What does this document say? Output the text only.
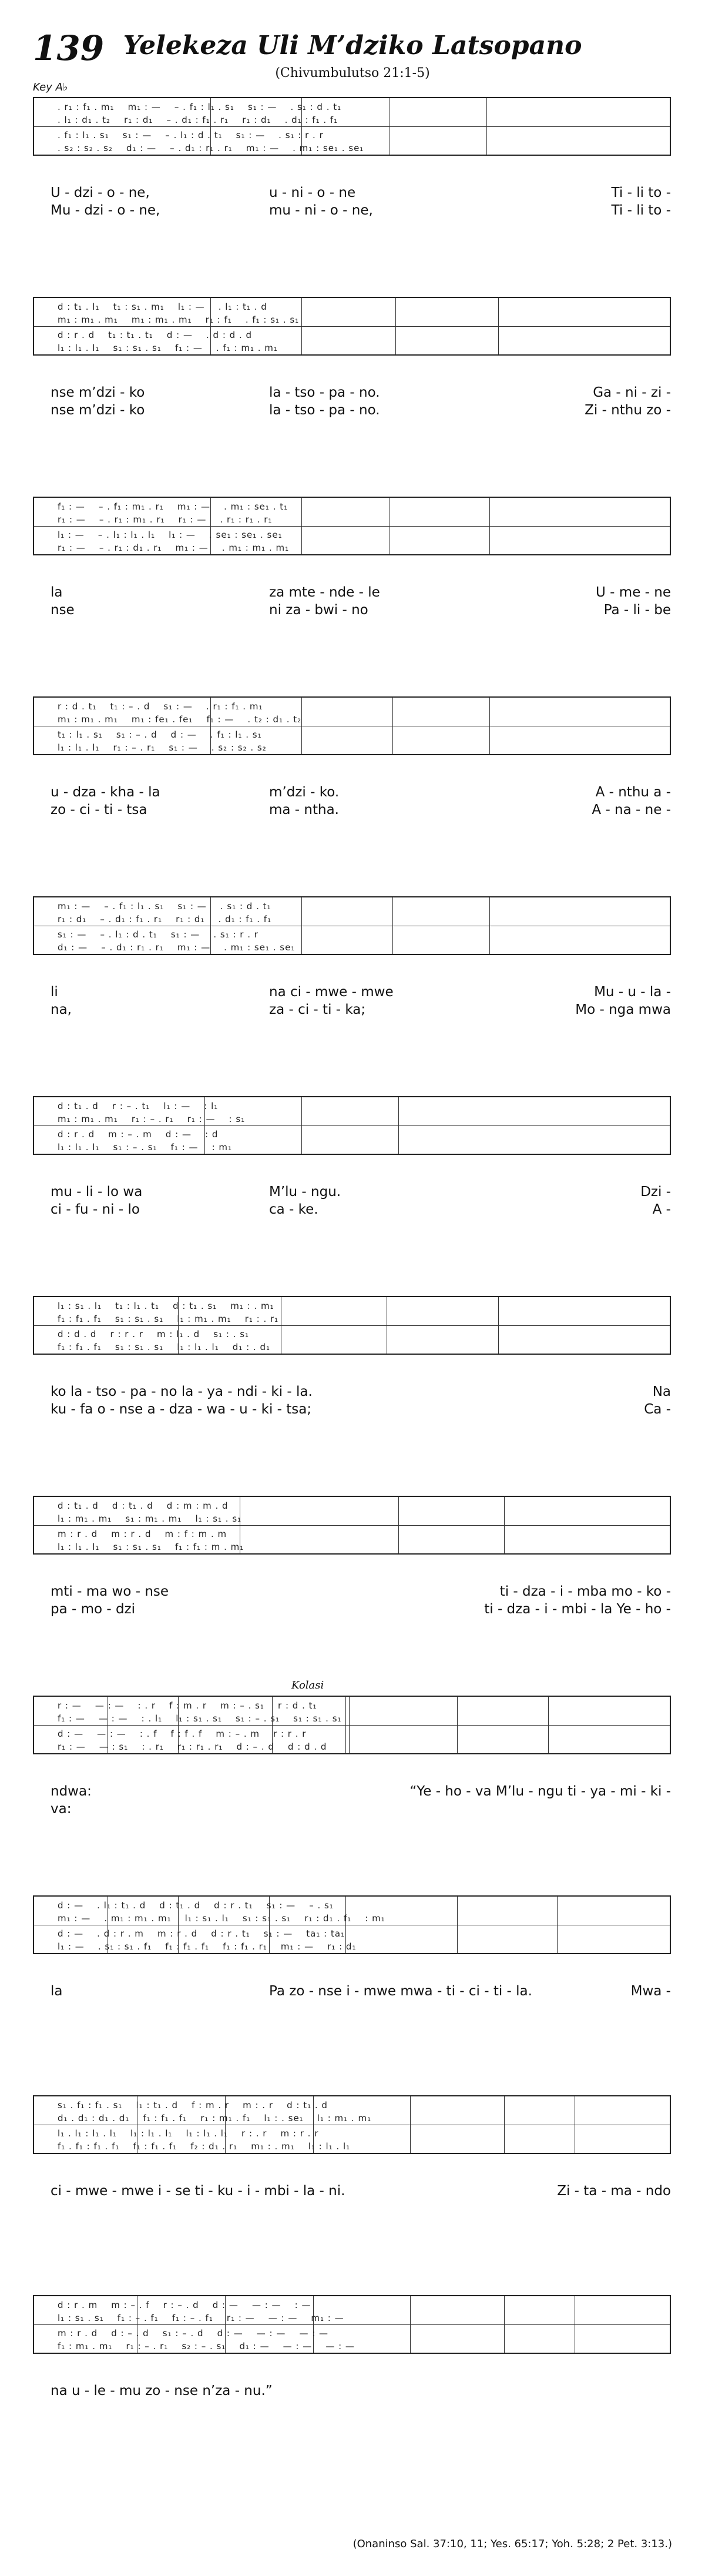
139 Yelekeza Uli M’dziko Latsopano
(Chivumbulutso 21:1-5)
Key A♭
. r₁ : f₁ . m₁    m₁ : —    – . f₁ : l₁ . s₁    s₁ : —    . s₁ : d . t₁
. l₁ : d₁ . t₂    r₁ : d₁    – . d₁ : f₁ . r₁    r₁ : d₁    . d₁ : f₁ . f₁
. f₁ : l₁ . s₁    s₁ : —    – . l₁ : d . t₁    s₁ : —    . s₁ : r . r
. s₂ : s₂ . s₂    d₁ : —    – . d₁ : r₁ . r₁    m₁ : —    . m₁ : se₁ . se₁
U - dzi - o - ne,	u - ni - o - ne	Ti - li to -
Mu - dzi - o - ne,	mu - ni - o - ne,	Ti - li to -
d : t₁ . l₁    t₁ : s₁ . m₁    l₁ : —    . l₁ : t₁ . d
m₁ : m₁ . m₁    m₁ : m₁ . m₁    r₁ : f₁    . f₁ : s₁ . s₁
d : r . d    t₁ : t₁ . t₁    d : —    . d : d . d
l₁ : l₁ . l₁    s₁ : s₁ . s₁    f₁ : —    . f₁ : m₁ . m₁
nse m’dzi - ko	la - tso - pa - no.	Ga - ni - zi -
nse m’dzi - ko	la - tso - pa - no.	Zi - nthu zo -
f₁ : —    – . f₁ : m₁ . r₁    m₁ : —    . m₁ : se₁ . t₁
r₁ : —    – . r₁ : m₁ . r₁    r₁ : —    . r₁ : r₁ . r₁
l₁ : —    – . l₁ : l₁ . l₁    l₁ : —    . se₁ : se₁ . se₁
r₁ : —    – . r₁ : d₁ . r₁    m₁ : —    . m₁ : m₁ . m₁
la	za mte - nde - le	U - me - ne
nse	ni za - bwi - no	Pa - li - be
r : d . t₁    t₁ : – . d    s₁ : —    . r₁ : f₁ . m₁
m₁ : m₁ . m₁    m₁ : fe₁ . fe₁    f₁ : —    . t₂ : d₁ . t₂
t₁ : l₁ . s₁    s₁ : – . d    d : —    . f₁ : l₁ . s₁
l₁ : l₁ . l₁    r₁ : – . r₁    s₁ : —    . s₂ : s₂ . s₂
u - dza - kha - la	m’dzi - ko.	A - nthu a -
zo - ci - ti - tsa	ma - ntha.	A - na - ne -
m₁ : —    – . f₁ : l₁ . s₁    s₁ : —    . s₁ : d . t₁
r₁ : d₁    – . d₁ : f₁ . r₁    r₁ : d₁    . d₁ : f₁ . f₁
s₁ : —    – . l₁ : d . t₁    s₁ : —    . s₁ : r . r
d₁ : —    – . d₁ : r₁ . r₁    m₁ : —    . m₁ : se₁ . se₁
li	na ci - mwe - mwe	Mu - u - la -
na,	za - ci - ti - ka;	Mo - nga mwa
d : t₁ . d    r : – . t₁    l₁ : —    : l₁
m₁ : m₁ . m₁    r₁ : – . r₁    r₁ : —    : s₁
d : r . d    m : – . m    d : —    : d
l₁ : l₁ . l₁    s₁ : – . s₁    f₁ : —    : m₁
mu - li - lo wa	M’lu - ngu.	Dzi -
ci - fu - ni - lo	ca - ke.	A -
l₁ : s₁ . l₁    t₁ : l₁ . t₁    d : t₁ . s₁    m₁ : . m₁
f₁ : f₁ . f₁    s₁ : s₁ . s₁    l₁ : m₁ . m₁    r₁ : . r₁
d : d . d    r : r . r    m : l₁ . d    s₁ : . s₁
f₁ : f₁ . f₁    s₁ : s₁ . s₁    l₁ : l₁ . l₁    d₁ : . d₁
ko la - tso - pa - no la - ya - ndi - ki - la.	Na
ku - fa o - nse a - dza - wa - u - ki - tsa;	Ca -
d : t₁ . d    d : t₁ . d    d : m : m . d
l₁ : m₁ . m₁    s₁ : m₁ . m₁    l₁ : s₁ . s₁
m : r . d    m : r . d    m : f : m . m
l₁ : l₁ . l₁    s₁ : s₁ . s₁    f₁ : f₁ : m . m₁
mti - ma wo - nse	ti - dza - i - mba mo - ko -
pa - mo - dzi	ti - dza - i - mbi - la Ye - ho -
Kolasi
r : —    — : —    : . r    f : m . r    m : – . s₁    r : d . t₁
f₁ : —    — : —    : . l₁    l₁ : s₁ . s₁    s₁ : – . s₁    s₁ : s₁ . s₁
d : —    — : —    : . f    f : f . f    m : – . m    r : r . r
r₁ : —    — : s₁    : . r₁    r₁ : r₁ . r₁    d : – . d    d : d . d
ndwa:	“Ye - ho - va M’lu - ngu ti - ya - mi - ki -
va:
d : —    . l₁ : t₁ . d    d : t₁ . d    d : r . t₁    s₁ : —    – . s₁
m₁ : —    . m₁ : m₁ . m₁    l₁ : s₁ . l₁    s₁ : s₁ . s₁    r₁ : d₁ . f₁    : m₁
d : —    . d : r . m    m : r . d    d : r . t₁    s₁ : —    ta₁ : ta₁
l₁ : —    . s₁ : s₁ . f₁    f₁ : f₁ . f₁    f₁ : f₁ . r₁    m₁ : —    r₁ : d₁
la	Pa zo - nse i - mwe mwa - ti - ci - ti - la.	Mwa -
s₁ . f₁ : f₁ . s₁    l₁ : t₁ . d    f : m . r    m : . r    d : t₁ . d
d₁ . d₁ : d₁ . d₁    f₁ : f₁ . f₁    r₁ : m₁ . f₁    l₁ : . se₁    l₁ : m₁ . m₁
l₁ . l₁ : l₁ . l₁    l₁ : l₁ . l₁    l₁ : l₁ . l₁    r : . r    m : r . r
f₁ . f₁ : f₁ . f₁    f₁ : f₁ . f₁    f₂ : d₁ . r₁    m₁ : . m₁    l₁ : l₁ . l₁
ci - mwe - mwe i - se ti - ku - i - mbi - la - ni.	Zi - ta - ma - ndo
d : r . m    m : – . f    r : – . d    d : —    — : —    : —
l₁ : s₁ . s₁    f₁ : – . f₁    f₁ : – . f₁    r₁ : —    — : —    m₁ : —
m : r . d    d : – . d    s₁ : – . d    d : —    — : —    — : —
f₁ : m₁ . m₁    r₁ : – . r₁    s₂ : – . s₁    d₁ : —    — : —    — : —
na u - le - mu zo - nse n’za - nu.”
(Onaninso Sal. 37:10, 11; Yes. 65:17; Yoh. 5:28; 2 Pet. 3:13.)
